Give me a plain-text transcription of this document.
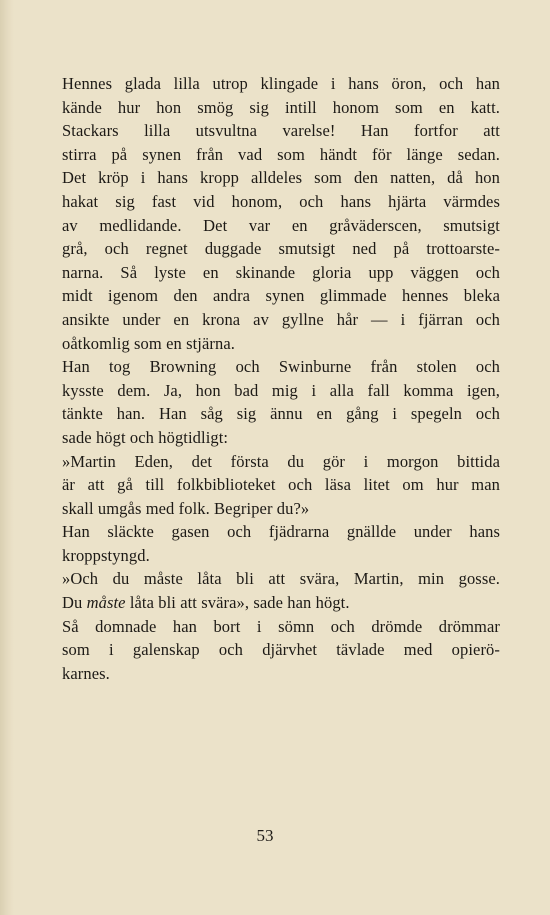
Hennes glada lilla utrop klingade i hans öron, och han
kände hur hon smög sig intill honom som en katt.
Stackars lilla utsvultna varelse! Han fortfor att
stirra på synen från vad som händt för länge sedan.
Det kröp i hans kropp alldeles som den natten, då hon
hakat sig fast vid honom, och hans hjärta värmdes
av medlidande. Det var en gråväderscen, smutsigt
grå, och regnet duggade smutsigt ned på trottoarste-
narna. Så lyste en skinande gloria upp väggen och
midt igenom den andra synen glimmade hennes bleka
ansikte under en krona av gyllne hår — i fjärran och
oåtkomlig som en stjärna.

Han tog Browning och Swinburne från stolen och
kysste dem. Ja, hon bad mig i alla fall komma igen,
tänkte han. Han såg sig ännu en gång i spegeln och
sade högt och högtidligt:

»Martin Eden, det första du gör i morgon bittida
är att gå till folkbiblioteket och läsa litet om hur man
skall umgås med folk. Begriper du?»

Han släckte gasen och fjädrarna gnällde under hans
kroppstyngd.

»Och du måste låta bli att svära, Martin, min gosse.
Du måste låta bli att svära», sade han högt.

Så domnade han bort i sömn och drömde drömmar
som i galenskap och djärvhet tävlade med opierö-
karnes.

53
